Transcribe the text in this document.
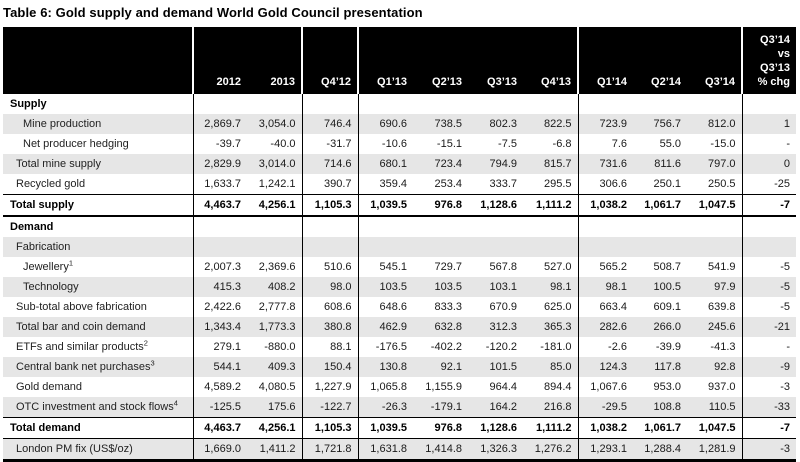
Table 6: Gold supply and demand World Gold Council presentation
	2012	2013	Q4’12	Q1’13	Q2’13	Q3’13	Q4’13	Q1’14	Q2’14	Q3’14	Q3’14
vs
Q3’13
% chg

Supply											
Mine production	2,869.7	3,054.0	746.4	690.6	738.5	802.3	822.5	723.9	756.7	812.0	1
Net producer hedging	-39.7	-40.0	-31.7	-10.6	-15.1	-7.5	-6.8	7.6	55.0	-15.0	-
Total mine supply	2,829.9	3,014.0	714.6	680.1	723.4	794.9	815.7	731.6	811.6	797.0	0
Recycled gold	1,633.7	1,242.1	390.7	359.4	253.4	333.7	295.5	306.6	250.1	250.5	-25
Total supply	4,463.7	4,256.1	1,105.3	1,039.5	976.8	1,128.6	1,111.2	1,038.2	1,061.7	1,047.5	-7
Demand											
Fabrication											
Jewellery$^1$	2,007.3	2,369.6	510.6	545.1	729.7	567.8	527.0	565.2	508.7	541.9	-5
Technology	415.3	408.2	98.0	103.5	103.5	103.1	98.1	98.1	100.5	97.9	-5
Sub-total above fabrication	2,422.6	2,777.8	608.6	648.6	833.3	670.9	625.0	663.4	609.1	639.8	-5
Total bar and coin demand	1,343.4	1,773.3	380.8	462.9	632.8	312.3	365.3	282.6	266.0	245.6	-21
ETFs and similar products$^2$	279.1	-880.0	88.1	-176.5	-402.2	-120.2	-181.0	-2.6	-39.9	-41.3	-
Central bank net purchases$^3$	544.1	409.3	150.4	130.8	92.1	101.5	85.0	124.3	117.8	92.8	-9
Gold demand	4,589.2	4,080.5	1,227.9	1,065.8	1,155.9	964.4	894.4	1,067.6	953.0	937.0	-3
OTC investment and stock flows$^4$	-125.5	175.6	-122.7	-26.3	-179.1	164.2	216.8	-29.5	108.8	110.5	-33
Total demand	4,463.7	4,256.1	1,105.3	1,039.5	976.8	1,128.6	1,111.2	1,038.2	1,061.7	1,047.5	-7
London PM fix (US$/oz)	1,669.0	1,411.2	1,721.8	1,631.8	1,414.8	1,326.3	1,276.2	1,293.1	1,288.4	1,281.9	-3
